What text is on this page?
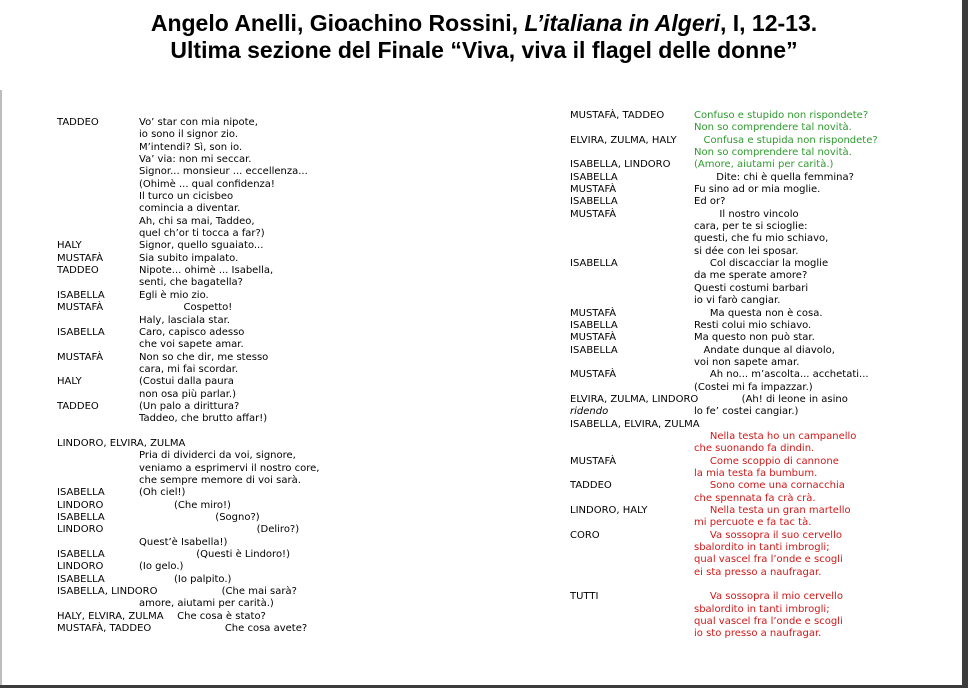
Angelo Anelli, Gioachino Rossini, L’italiana in Algeri, I, 12-13.
Ultima sezione del Finale “Viva, viva il flagel delle donne”
TADDEO	Vo’ star con mia nipote,
io sono il signor zio.
M’intendi? Sì, son io.
Va’ via: non mi seccar.
Signor... monsieur ... eccellenza...
(Ohimè ... qual confidenza!
Il turco un cicisbeo
comincia a diventar.
Ah, chi sa mai, Taddeo,
quel ch’or ti tocca a far?)
HALY	Signor, quello sguaiato...
MUSTAFÀ	Sia subito impalato.
TADDEO	Nipote... ohimè ... Isabella,
senti, che bagatella?
ISABELLA	Egli è mio zio.
MUSTAFÀ	Cospetto!
Haly, lasciala star.
ISABELLA	Caro, capisco adesso
che voi sapete amar.
MUSTAFÀ	Non so che dir, me stesso
cara, mi fai scordar.
HALY	(Costui dalla paura
non osa più parlar.)
TADDEO	(Un palo a dirittura?
Taddeo, che brutto affar!)
LINDORO, ELVIRA, ZULMA
Pria di dividerci da voi, signore,
veniamo a esprimervi il nostro core,
che sempre memore di voi sarà.
ISABELLA	(Oh ciel!)
LINDORO	(Che miro!)
ISABELLA	(Sogno?)
LINDORO	(Deliro?)
Quest’è Isabella!)
ISABELLA	(Questi è Lindoro!)
LINDORO	(Io gelo.)
ISABELLA	(Io palpito.)
ISABELLA, LINDORO
(Che mai sarà?
amore, aiutami per carità.)
HALY, ELVIRA, ZULMA
Che cosa è stato?
MUSTAFÀ, TADDEO
Che cosa avete?
MUSTAFÀ, TADDEO	Confuso e stupido non rispondete?
Non so comprendere tal novità.
ELVIRA, ZULMA, HALY Confusa e stupida non rispondete?
Non so comprendere tal novità.
ISABELLA, LINDORO (Amore, aiutami per carità.)
ISABELLA	Dite: chi è quella femmina?
MUSTAFÀ	Fu sino ad or mia moglie.
ISABELLA	Ed or?
MUSTAFÀ	Il nostro vincolo
cara, per te si scioglie:
questi, che fu mio schiavo,
si dée con lei sposar.
ISABELLA	Col discacciar la moglie
da me sperate amore?
Questi costumi barbari
io vi farò cangiar.
MUSTAFÀ	Ma questa non è cosa.
ISABELLA	Resti colui mio schiavo.
MUSTAFÀ	Ma questo non può star.
ISABELLA	Andate dunque al diavolo,
voi non sapete amar.
MUSTAFÀ	Ah no... m’ascolta... acchetati...
(Costei mi fa impazzar.)
ELVIRA, ZULMA, LINDORO
(Ah! di leone in asino
ridendo	lo fe’ costei cangiar.)
ISABELLA, ELVIRA, ZULMA
Nella testa ho un campanello
che suonando fa dindin.
MUSTAFÀ	Come scoppio di cannone
la mia testa fa bumbum.
TADDEO	Sono come una cornacchia
che spennata fa crà crà.
LINDORO, HALY	Nella testa un gran martello
mi percuote e fa tac tà.
CORO	Va sossopra il suo cervello
sbalordito in tanti imbrogli;
qual vascel fra l’onde e scogli
ei sta presso a naufragar.
TUTTI	Va sossopra il mio cervello
sbalordito in tanti imbrogli;
qual vascel fra l’onde e scogli
io sto presso a naufragar.
